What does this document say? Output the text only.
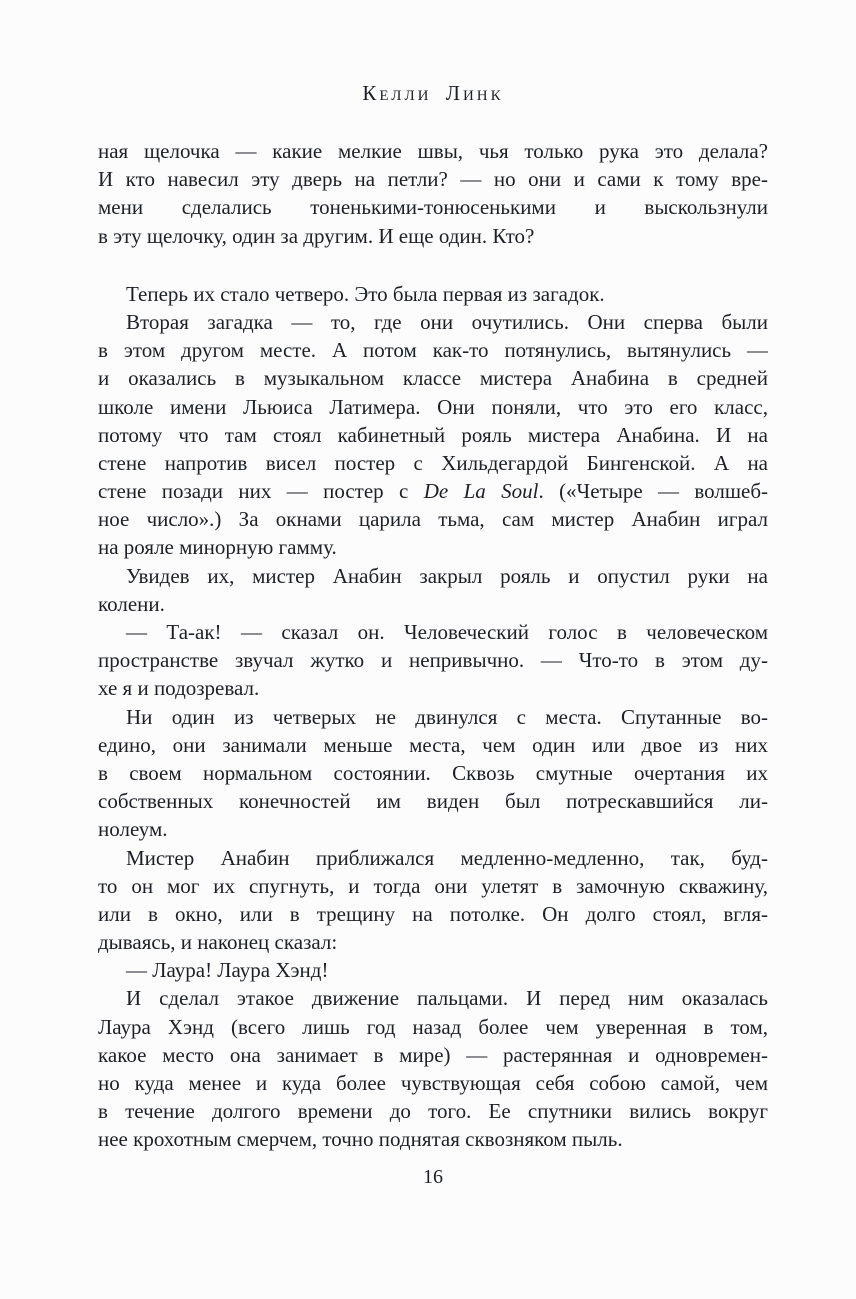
Келли Линк
ная щелочка — какие мелкие швы, чья только рука это делала?
И кто навесил эту дверь на петли? — но они и сами к тому вре-
мени сделались тоненькими-тонюсенькими и выскользнули
в эту щелочку, один за другим. И еще один. Кто?
Теперь их стало четверо. Это была первая из загадок.
Вторая загадка — то, где они очутились. Они сперва были
в этом другом месте. А потом как-то потянулись, вытянулись —
и оказались в музыкальном классе мистера Анабина в средней
школе имени Льюиса Латимера. Они поняли, что это его класс,
потому что там стоял кабинетный рояль мистера Анабина. И на
стене напротив висел постер с Хильдегардой Бингенской. А на
стене позади них — постер с De La Soul. («Четыре — волшеб-
ное число».) За окнами царила тьма, сам мистер Анабин играл
на рояле минорную гамму.
Увидев их, мистер Анабин закрыл рояль и опустил руки на
колени.
— Та-ак! — сказал он. Человеческий голос в человеческом
пространстве звучал жутко и непривычно. — Что-то в этом ду-
хе я и подозревал.
Ни один из четверых не двинулся с места. Спутанные во-
едино, они занимали меньше места, чем один или двое из них
в своем нормальном состоянии. Сквозь смутные очертания их
собственных конечностей им виден был потрескавшийся ли-
нолеум.
Мистер Анабин приближался медленно-медленно, так, буд-
то он мог их спугнуть, и тогда они улетят в замочную скважину,
или в окно, или в трещину на потолке. Он долго стоял, вгля-
дываясь, и наконец сказал:
— Лаура! Лаура Хэнд!
И сделал этакое движение пальцами. И перед ним оказалась
Лаура Хэнд (всего лишь год назад более чем уверенная в том,
какое место она занимает в мире) — растерянная и одновремен-
но куда менее и куда более чувствующая себя собою самой, чем
в течение долгого времени до того. Ее спутники вились вокруг
нее крохотным смерчем, точно поднятая сквозняком пыль.
16
